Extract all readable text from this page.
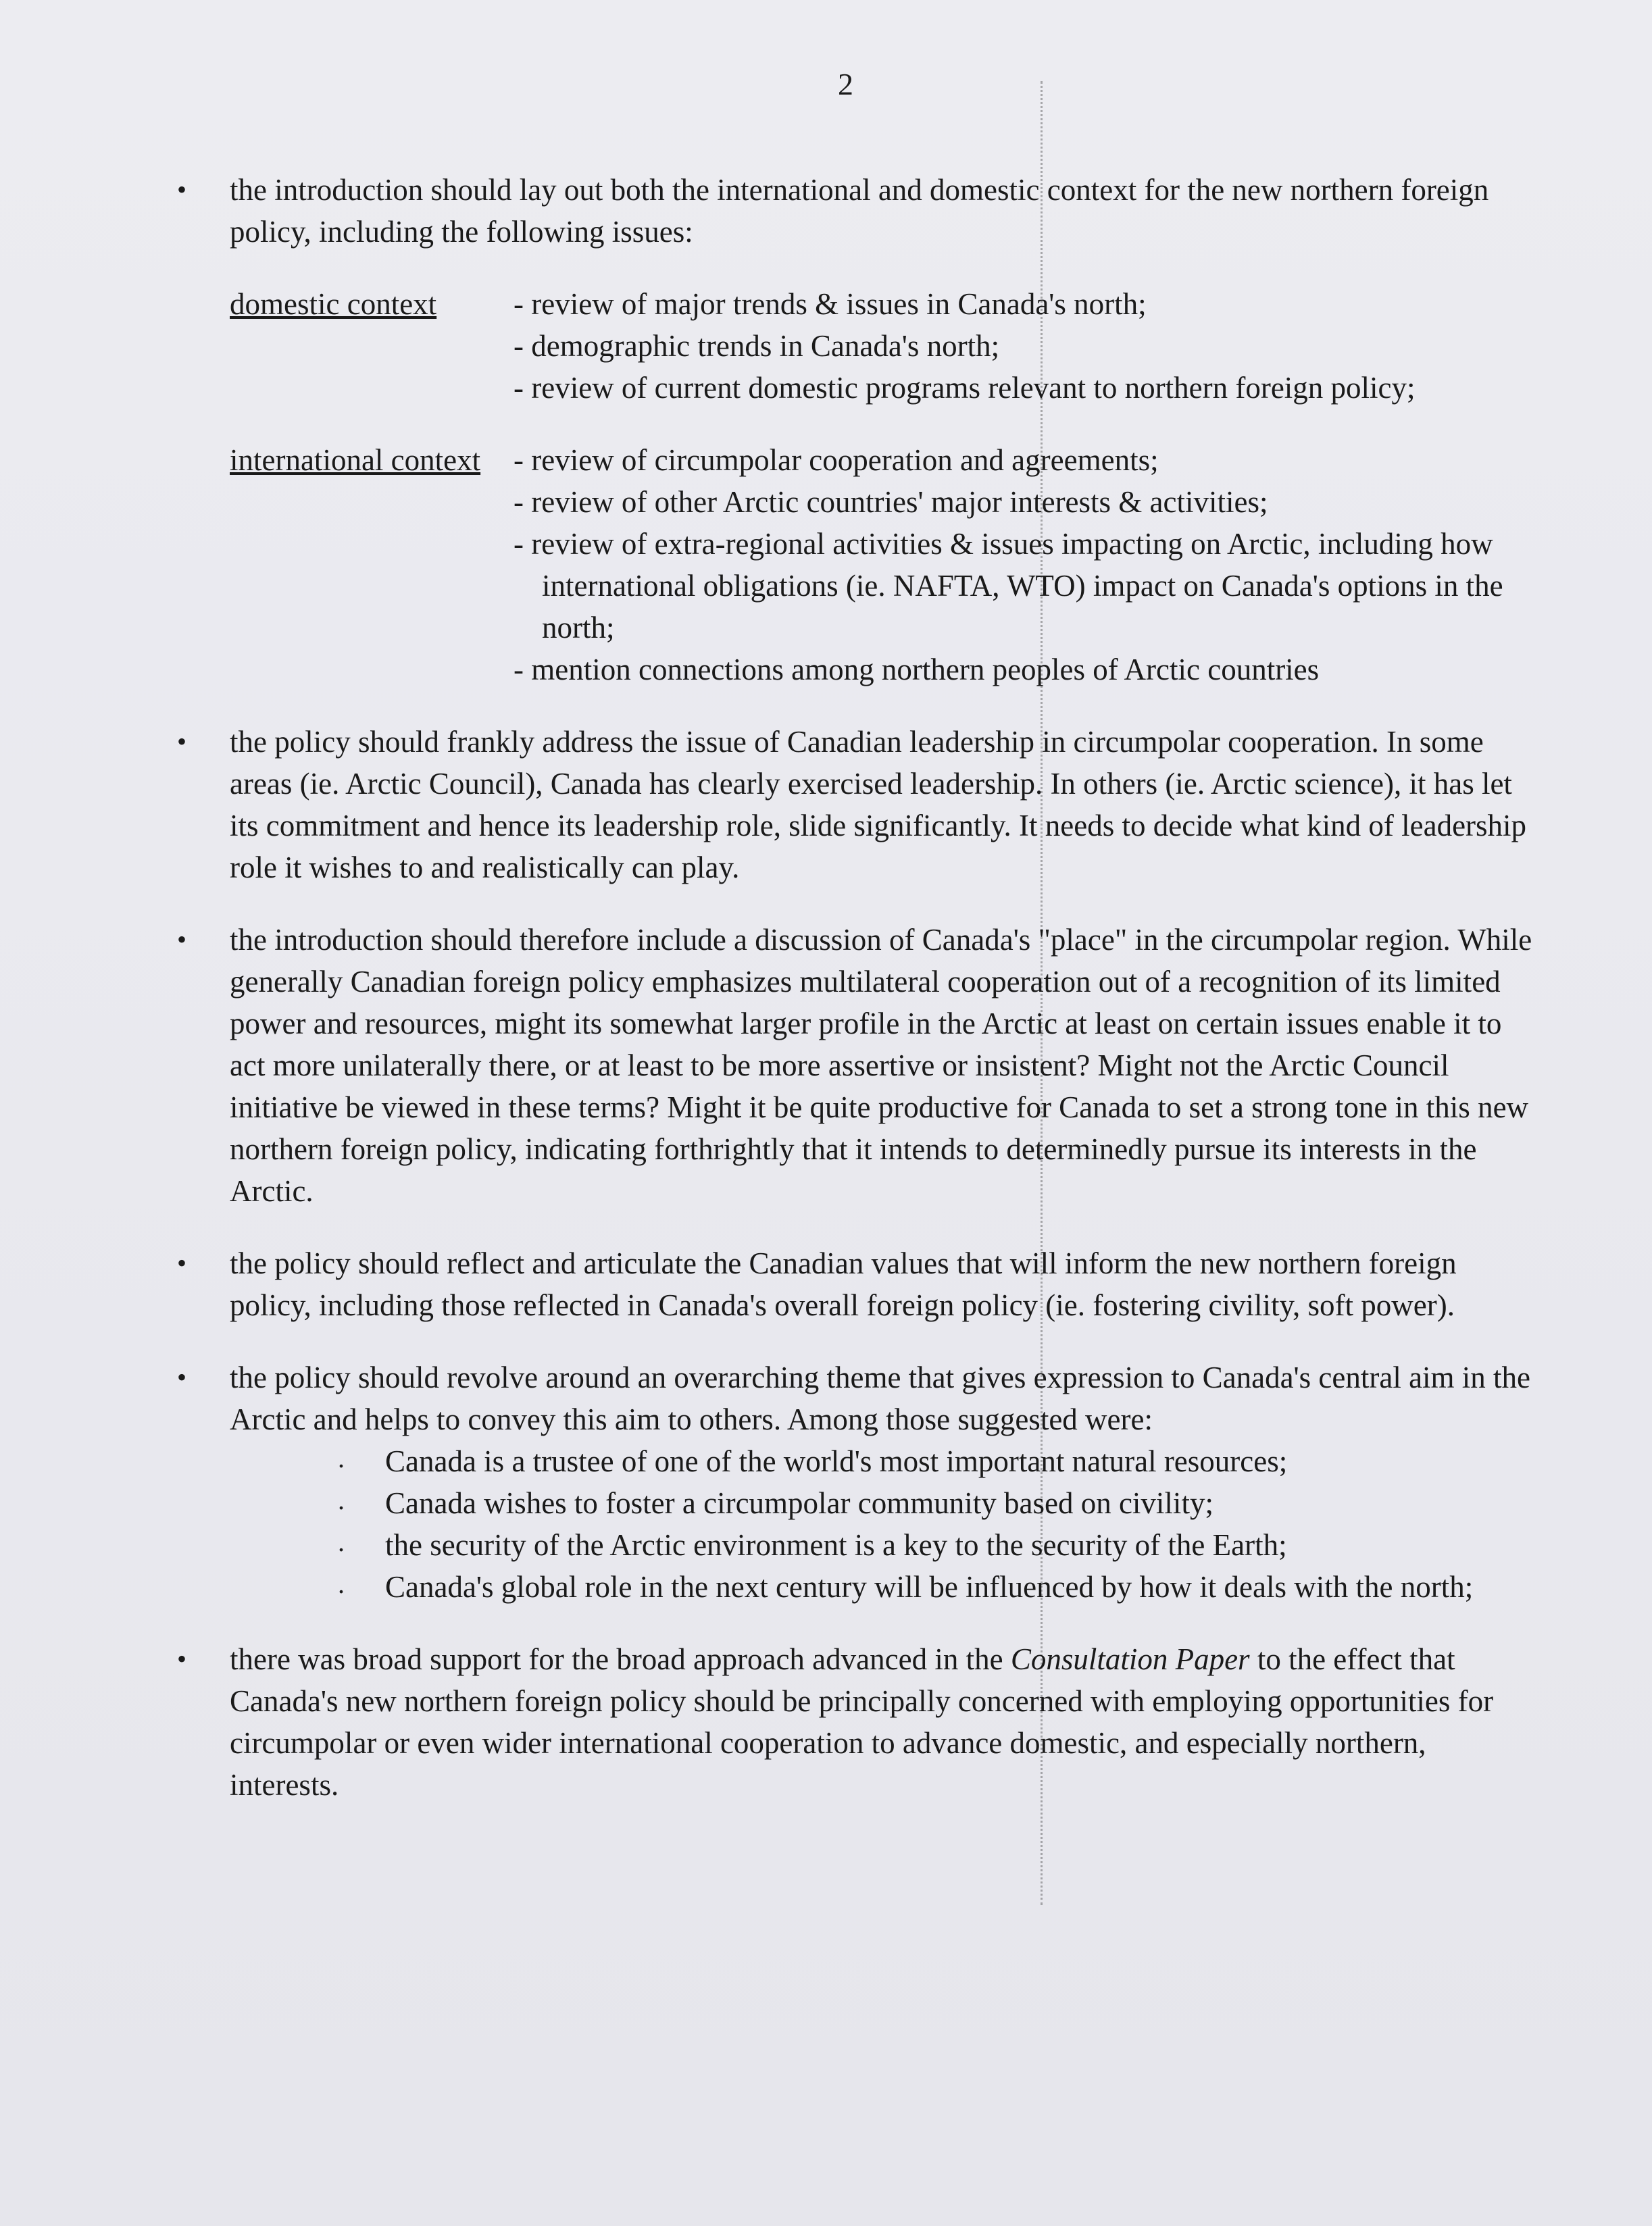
2

• the introduction should lay out both the international and domestic context for the new northern foreign policy, including the following issues:

domestic context	- review of major trends & issues in Canada's north;

- demographic trends in Canada's north;

- review of current domestic programs relevant to northern foreign policy;

international context	- review of circumpolar cooperation and agreements;

- review of other Arctic countries' major interests & activities;

- review of extra-regional activities & issues impacting on Arctic, including how international obligations (ie. NAFTA, WTO) impact on Canada's options in the north;

- mention connections among northern peoples of Arctic countries

• the policy should frankly address the issue of Canadian leadership in circumpolar cooperation. In some areas (ie. Arctic Council), Canada has clearly exercised leadership. In others (ie. Arctic science), it has let its commitment and hence its leadership role, slide significantly. It needs to decide what kind of leadership role it wishes to and realistically can play.

• the introduction should therefore include a discussion of Canada's "place" in the circumpolar region. While generally Canadian foreign policy emphasizes multilateral cooperation out of a recognition of its limited power and resources, might its somewhat larger profile in the Arctic at least on certain issues enable it to act more unilaterally there, or at least to be more assertive or insistent? Might not the Arctic Council initiative be viewed in these terms? Might it be quite productive for Canada to set a strong tone in this new northern foreign policy, indicating forthrightly that it intends to determinedly pursue its interests in the Arctic.

• the policy should reflect and articulate the Canadian values that will inform the new northern foreign policy, including those reflected in Canada's overall foreign policy (ie. fostering civility, soft power).

• the policy should revolve around an overarching theme that gives expression to Canada's central aim in the Arctic and helps to convey this aim to others. Among those suggested were:

. Canada is a trustee of one of the world's most important natural resources;
. Canada wishes to foster a circumpolar community based on civility;
. the security of the Arctic environment is a key to the security of the Earth;
. Canada's global role in the next century will be influenced by how it deals with the north;
• there was broad support for the broad approach advanced in the Consultation Paper to the effect that Canada's new northern foreign policy should be principally concerned with employing opportunities for circumpolar or even wider international cooperation to advance domestic, and especially northern, interests.
